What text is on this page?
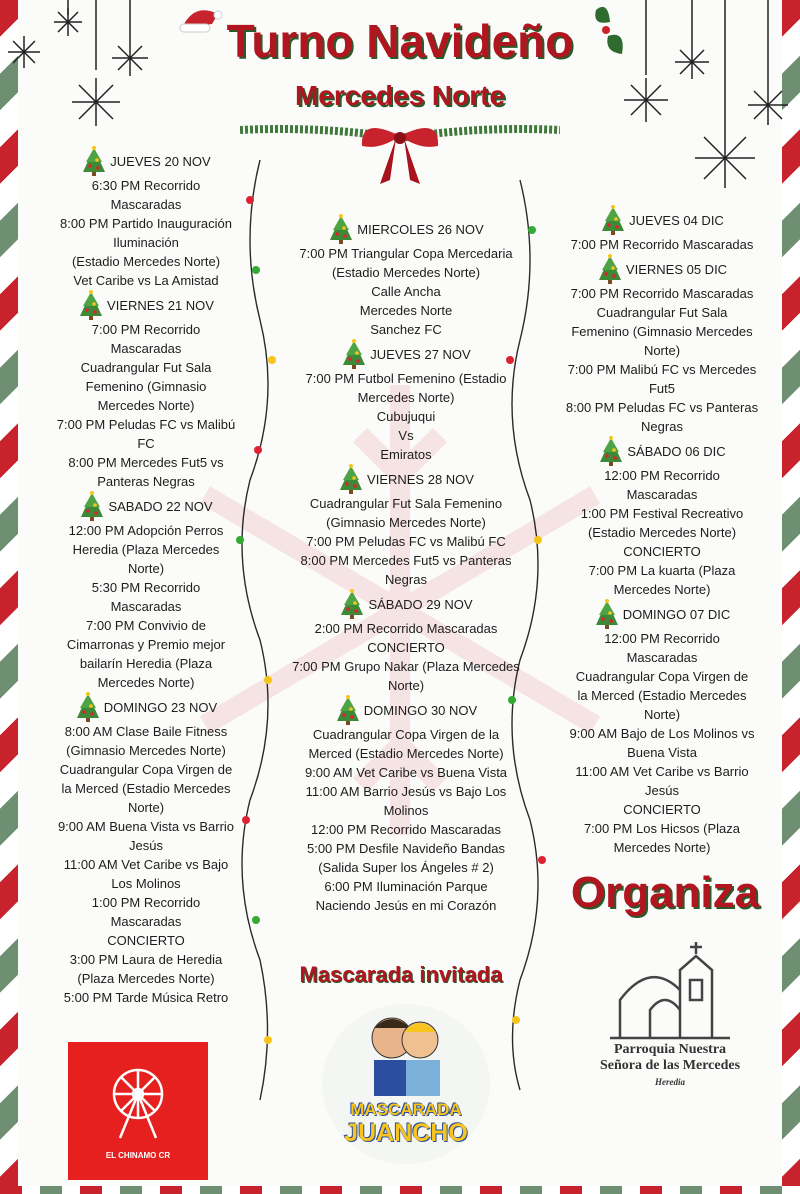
Turno Navideño
Mercedes Norte
JUEVES 20 NOV
6:30 PM Recorrido
Mascaradas
8:00 PM Partido Inauguración
Iluminación
(Estadio Mercedes Norte)
Vet Caribe vs La Amistad
VIERNES 21 NOV
7:00 PM Recorrido
Mascaradas
Cuadrangular Fut Sala
Femenino (Gimnasio
Mercedes Norte)
7:00 PM Peludas FC vs Malibú
FC
8:00 PM Mercedes Fut5 vs
Panteras Negras
SABADO 22 NOV
12:00 PM Adopción Perros
Heredia (Plaza Mercedes
Norte)
5:30 PM Recorrido
Mascaradas
7:00 PM Convivio de
Cimarronas y Premio mejor
bailarín Heredia (Plaza
Mercedes Norte)
DOMINGO 23 NOV
8:00 AM Clase Baile Fitness
(Gimnasio Mercedes Norte)
Cuadrangular Copa Virgen de
la Merced (Estadio Mercedes
Norte)
9:00 AM Buena Vista vs Barrio
Jesús
11:00 AM Vet Caribe vs Bajo
Los Molinos
1:00 PM Recorrido
Mascaradas
CONCIERTO
3:00 PM Laura de Heredia
(Plaza Mercedes Norte)
5:00 PM Tarde Música Retro
MIERCOLES 26 NOV
7:00 PM Triangular Copa Mercedaria
(Estadio Mercedes Norte)
Calle Ancha
Mercedes Norte
Sanchez FC
JUEVES 27 NOV
7:00 PM Futbol Femenino (Estadio
Mercedes Norte)
Cubujuqui
Vs
Emiratos
VIERNES 28 NOV
Cuadrangular Fut Sala Femenino
(Gimnasio Mercedes Norte)
7:00 PM Peludas FC vs Malibú FC
8:00 PM Mercedes Fut5 vs Panteras
Negras
SÁBADO 29 NOV
2:00 PM Recorrido Mascaradas
CONCIERTO
7:00 PM Grupo Nakar (Plaza Mercedes
Norte)
DOMINGO 30 NOV
Cuadrangular Copa Virgen de la
Merced (Estadio Mercedes Norte)
9:00 AM Vet Caribe vs Buena Vista
11:00 AM Barrio Jesús vs Bajo Los
Molinos
12:00 PM Recorrido Mascaradas
5:00 PM Desfile Navideño Bandas
(Salida Super los Ángeles # 2)
6:00 PM Iluminación Parque
Naciendo Jesús en mi Corazón
JUEVES 04 DIC
7:00 PM Recorrido Mascaradas
VIERNES 05 DIC
7:00 PM Recorrido Mascaradas
Cuadrangular Fut Sala
Femenino (Gimnasio Mercedes
Norte)
7:00 PM Malibú FC vs Mercedes
Fut5
8:00 PM Peludas FC vs Panteras
Negras
SÁBADO 06 DIC
12:00 PM Recorrido
Mascaradas
1:00 PM Festival Recreativo
(Estadio Mercedes Norte)
CONCIERTO
7:00 PM La kuarta (Plaza
Mercedes Norte)
DOMINGO 07 DIC
12:00 PM Recorrido
Mascaradas
Cuadrangular Copa Virgen de
la Merced (Estadio Mercedes
Norte)
9:00 AM Bajo de Los Molinos vs
Buena Vista
11:00 AM Vet Caribe vs Barrio
Jesús
CONCIERTO
7:00 PM Los Hicsos (Plaza
Mercedes Norte)
Organiza
Mascarada invitada
EL CHINAMO CR
MASCARADA
JUANCHO
Parroquia Nuestra
Señora de las Mercedes
Heredia
